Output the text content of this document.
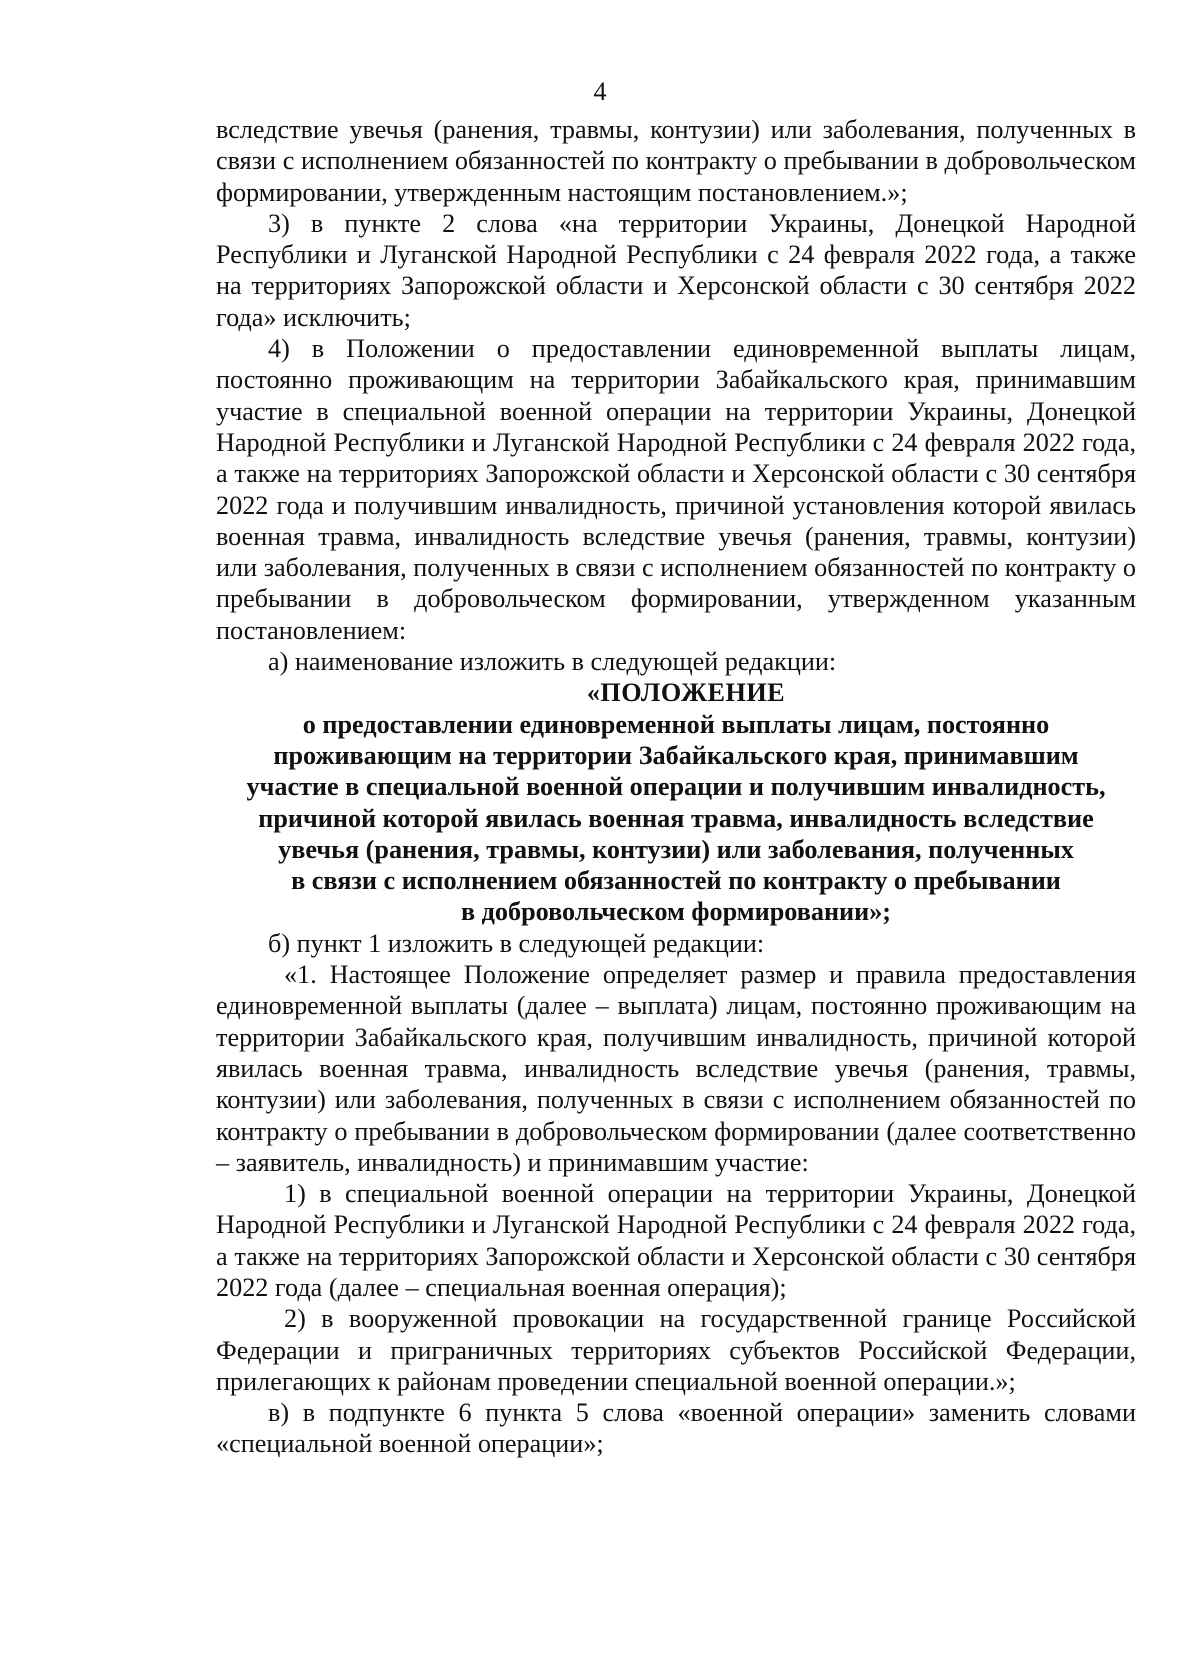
4

вследствие увечья (ранения, травмы, контузии) или заболевания, полученных в связи с исполнением обязанностей по контракту о пребывании в добровольческом формировании, утвержденным настоящим постановлением.»;

3) в пункте 2 слова «на территории Украины, Донецкой Народной Республики и Луганской Народной Республики с 24 февраля 2022 года, а также на территориях Запорожской области и Херсонской области с 30 сентября 2022 года» исключить;

4) в Положении о предоставлении единовременной выплаты лицам, постоянно проживающим на территории Забайкальского края, принимавшим участие в специальной военной операции на территории Украины, Донецкой Народной Республики и Луганской Народной Республики с 24 февраля 2022 года, а также на территориях Запорожской области и Херсонской области с 30 сентября 2022 года и получившим инвалидность, причиной установления которой явилась военная травма, инвалидность вследствие увечья (ранения, травмы, контузии) или заболевания, полученных в связи с исполнением обязанностей по контракту о пребывании в добровольческом формировании, утвержденном указанным постановлением:

а) наименование изложить в следующей редакции:

«ПОЛОЖЕНИЕ
о предоставлении единовременной выплаты лицам, постоянно
проживающим на территории Забайкальского края, принимавшим
участие в специальной военной операции и получившим инвалидность,
причиной которой явилась военная травма, инвалидность вследствие
увечья (ранения, травмы, контузии) или заболевания, полученных
в связи с исполнением обязанностей по контракту о пребывании
в добровольческом формировании»;

б) пункт 1 изложить в следующей редакции:

«1. Настоящее Положение определяет размер и правила предоставления единовременной выплаты (далее – выплата) лицам, постоянно проживающим на территории Забайкальского края, получившим инвалидность, причиной которой явилась военная травма, инвалидность вследствие увечья (ранения, травмы, контузии) или заболевания, полученных в связи с исполнением обязанностей по контракту о пребывании в добровольческом формировании (далее соответственно – заявитель, инвалидность) и принимавшим участие:

1) в специальной военной операции на территории Украины, Донецкой Народной Республики и Луганской Народной Республики с 24 февраля 2022 года, а также на территориях Запорожской области и Херсонской области с 30 сентября 2022 года (далее – специальная военная операция);

2) в вооруженной провокации на государственной границе Российской Федерации и приграничных территориях субъектов Российской Федерации, прилегающих к районам проведении специальной военной операции.»;

в) в подпункте 6 пункта 5 слова «военной операции» заменить словами «специальной военной операции»;
